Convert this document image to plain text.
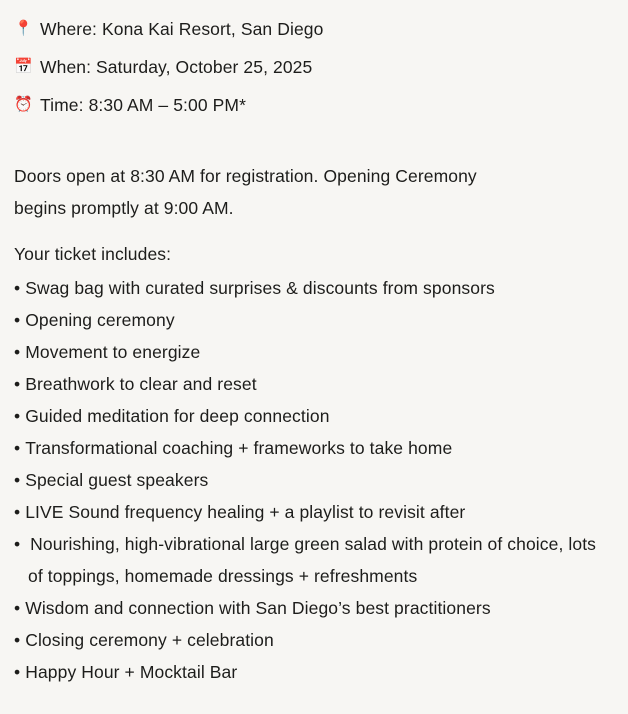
📍 Where: Kona Kai Resort, San Diego
📅 When: Saturday, October 25, 2025
⏰ Time: 8:30 AM – 5:00 PM*

Doors open at 8:30 AM for registration. Opening Ceremony begins promptly at 9:00 AM.

Your ticket includes:

• Swag bag with curated surprises & discounts from sponsors
• Opening ceremony
• Movement to energize
• Breathwork to clear and reset
• Guided meditation for deep connection
• Transformational coaching + frameworks to take home
• Special guest speakers
• LIVE Sound frequency healing + a playlist to revisit after
•  Nourishing, high-vibrational large green salad with protein of choice, lots of toppings, homemade dressings + refreshments
• Wisdom and connection with San Diego’s best practitioners
• Closing ceremony + celebration
• Happy Hour + Mocktail Bar
